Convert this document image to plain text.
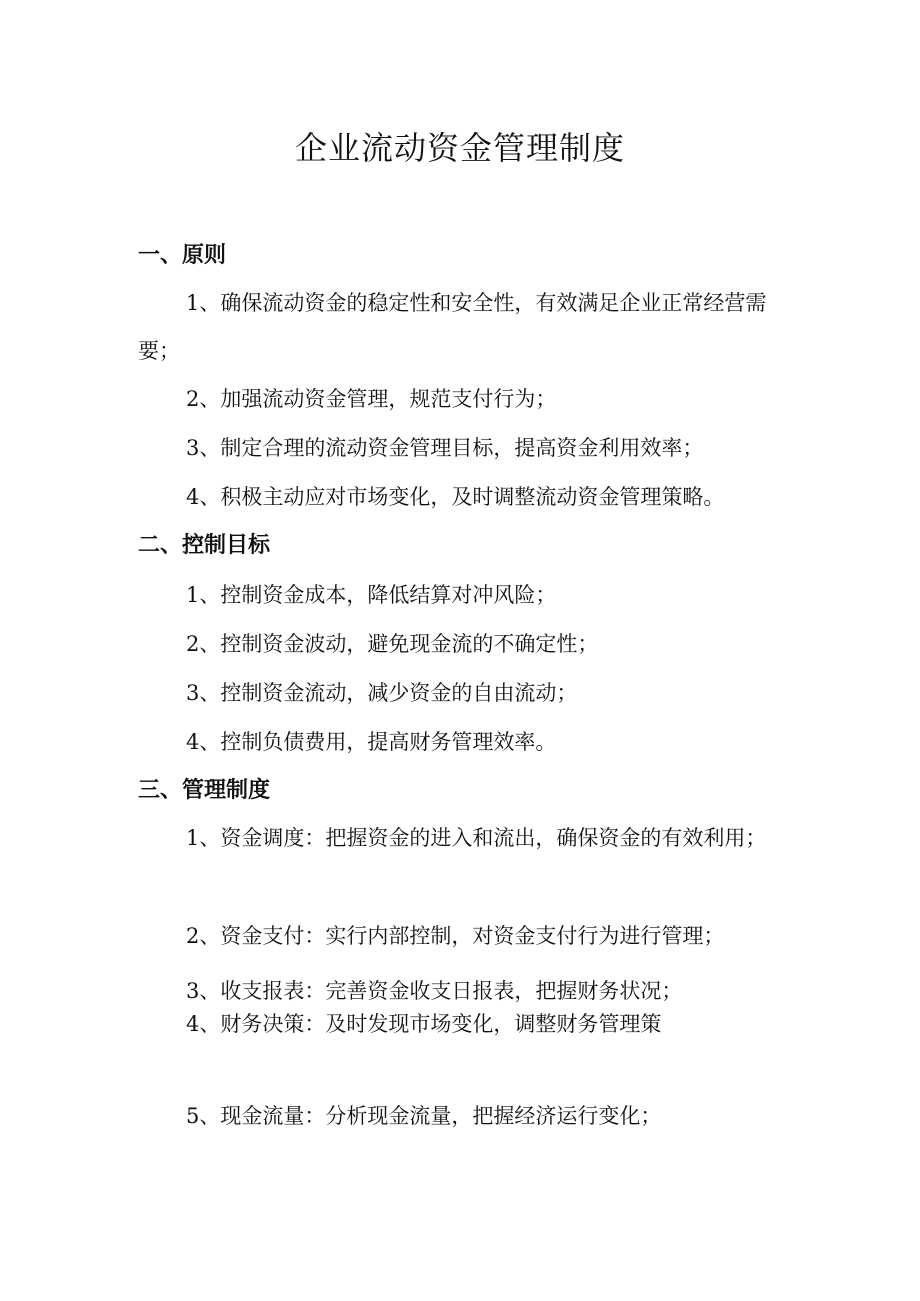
企业流动资金管理制度
一、原则

1、确保流动资金的稳定性和安全性，有效满足企业正常经营需要；

2、加强流动资金管理，规范支付行为；

3、制定合理的流动资金管理目标，提高资金利用效率；

4、积极主动应对市场变化，及时调整流动资金管理策略。

二、控制目标

1、控制资金成本，降低结算对冲风险；

2、控制资金波动，避免现金流的不确定性；

3、控制资金流动，减少资金的自由流动；

4、控制负债费用，提高财务管理效率。

三、管理制度

1、资金调度：把握资金的进入和流出，确保资金的有效利用；

2、资金支付：实行内部控制，对资金支付行为进行管理；

3、收支报表：完善资金收支日报表，把握财务状况；

4、财务决策：及时发现市场变化，调整财务管理策

5、现金流量：分析现金流量，把握经济运行变化；
